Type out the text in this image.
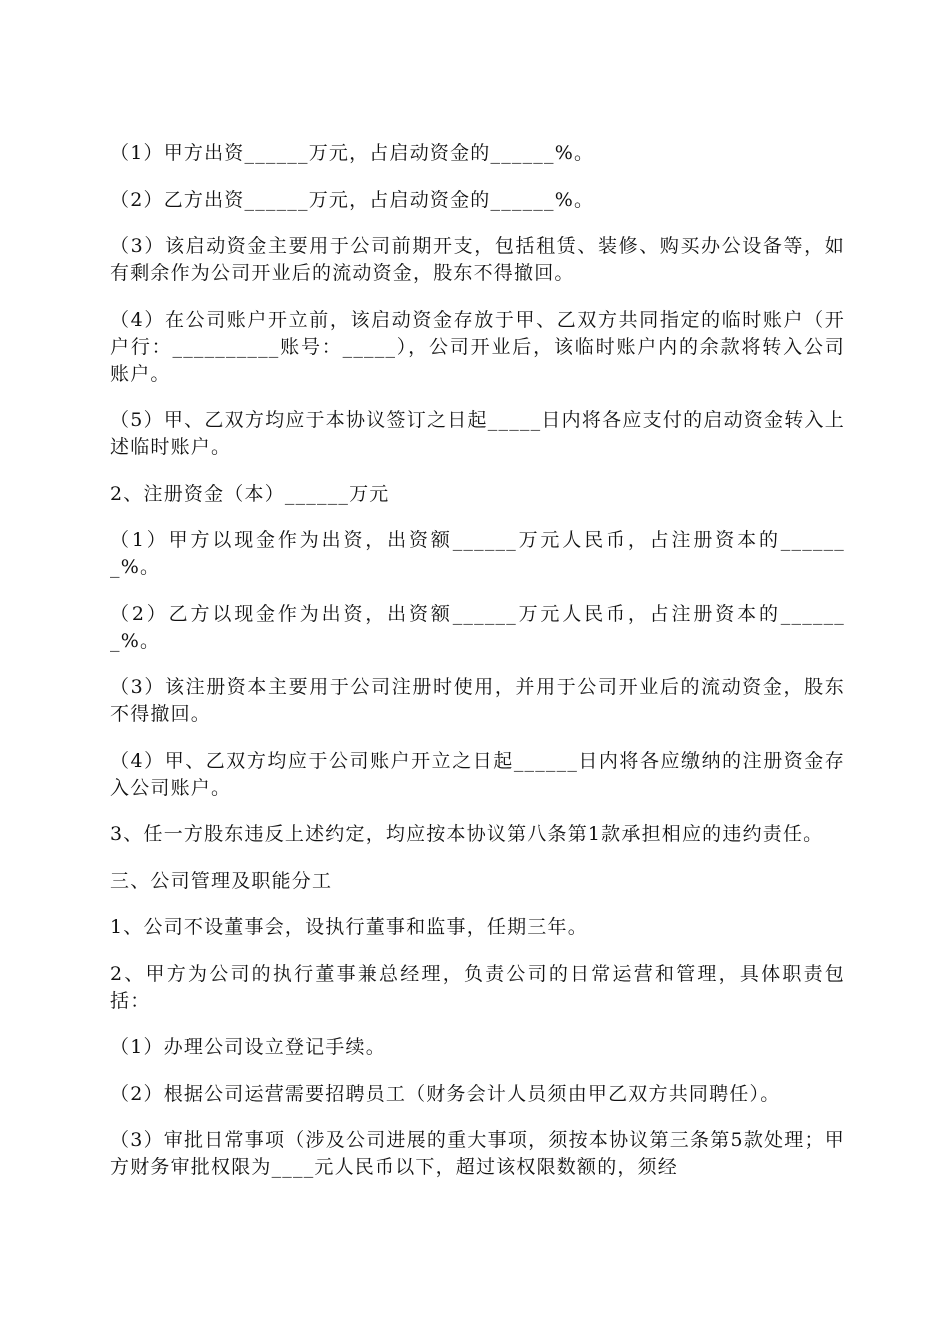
（1）甲方出资______万元，占启动资金的______%。

（2）乙方出资______万元，占启动资金的______%。

（3）该启动资金主要用于公司前期开支，包括租赁、装修、购买办公设备等，如有剩余作为公司开业后的流动资金，股东不得撤回。

（4）在公司账户开立前，该启动资金存放于甲、乙双方共同指定的临时账户（开户行：__________账号：_____），公司开业后，该临时账户内的余款将转入公司账户。

（5）甲、乙双方均应于本协议签订之日起_____日内将各应支付的启动资金转入上述临时账户。

2、注册资金（本）______万元

（1）甲方以现金作为出资，出资额______万元人民币，占注册资本的_______%。

（2）乙方以现金作为出资，出资额______万元人民币，占注册资本的_______%。

（3）该注册资本主要用于公司注册时使用，并用于公司开业后的流动资金，股东不得撤回。

（4）甲、乙双方均应于公司账户开立之日起______日内将各应缴纳的注册资金存入公司账户。

3、任一方股东违反上述约定，均应按本协议第八条第1款承担相应的违约责任。

三、公司管理及职能分工

1、公司不设董事会，设执行董事和监事，任期三年。

2、甲方为公司的执行董事兼总经理，负责公司的日常运营和管理，具体职责包括：

（1）办理公司设立登记手续。

（2）根据公司运营需要招聘员工（财务会计人员须由甲乙双方共同聘任）。

（3）审批日常事项（涉及公司进展的重大事项，须按本协议第三条第5款处理；甲方财务审批权限为____元人民币以下，超过该权限数额的，须经
